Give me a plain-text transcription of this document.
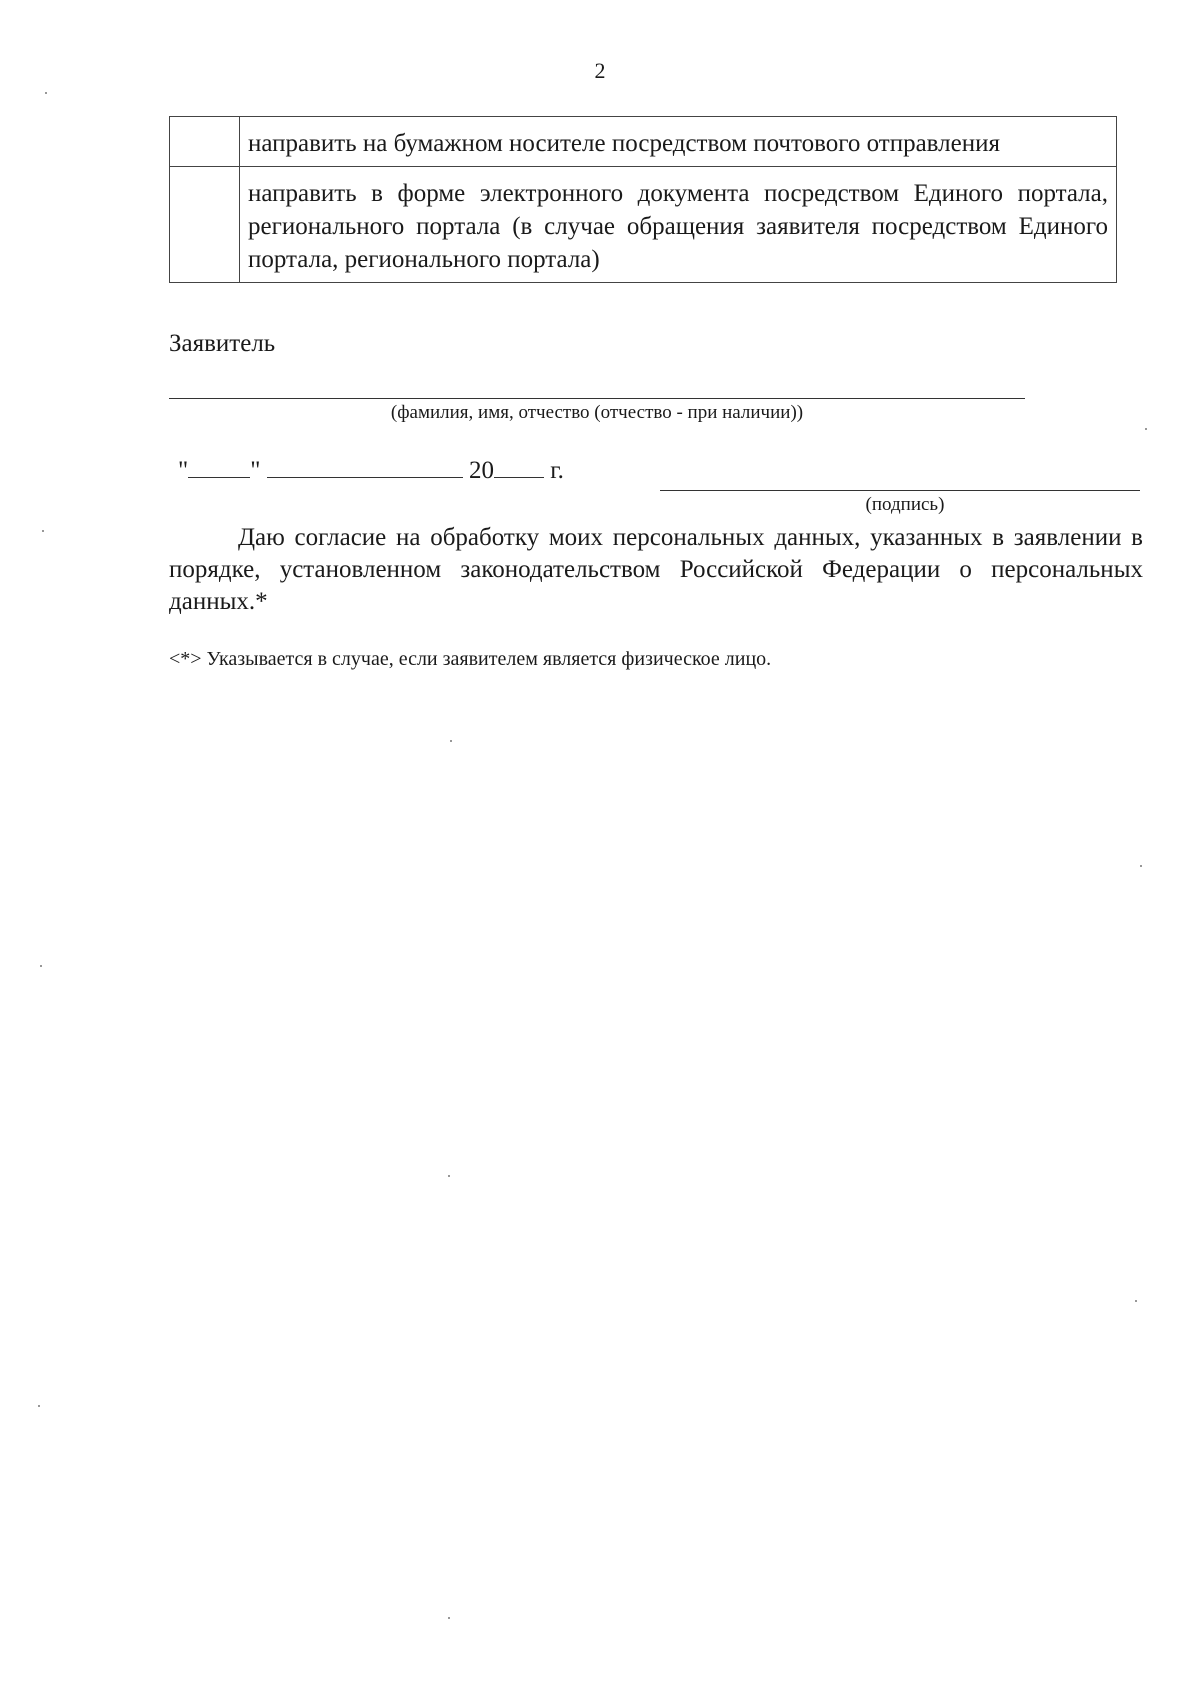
2
	направить на бумажном носителе посредством почтового отправления
	направить в форме электронного документа посредством Единого портала, регионального портала (в случае обращения заявителя посредством Единого портала, регионального портала)
Заявитель
(фамилия, имя, отчество (отчество - при наличии))
" "	20 г.
(подпись)
Даю согласие на обработку моих персональных данных, указанных в заявлении в порядке, установленном законодательством Российской Федерации о персональных данных.*
<*> Указывается в случае, если заявителем является физическое лицо.
